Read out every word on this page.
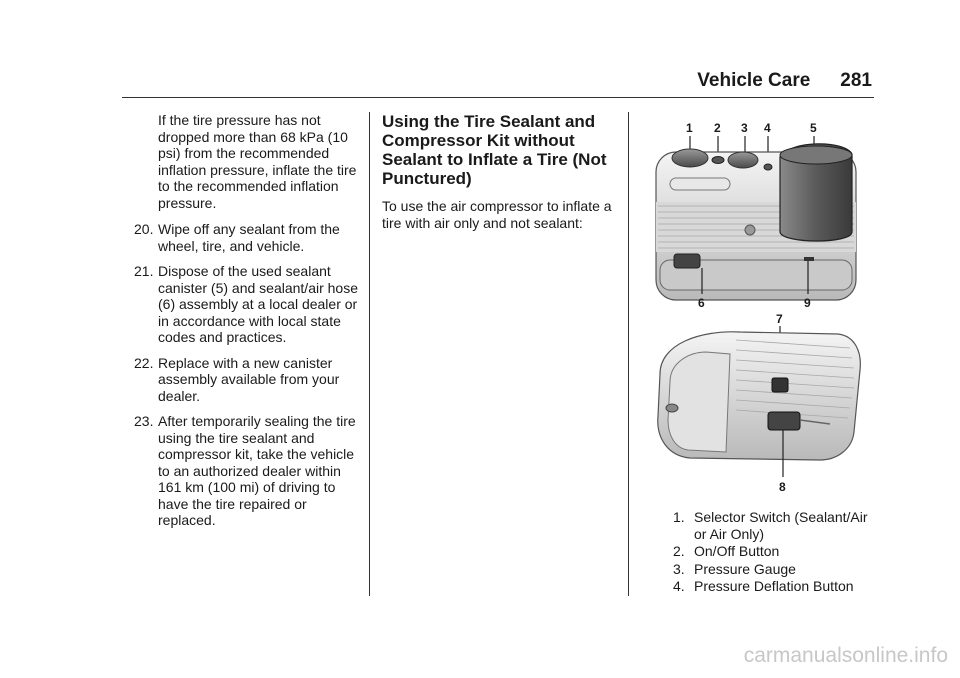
Vehicle Care 281
If the tire pressure has not dropped more than 68 kPa (10 psi) from the recommended inflation pressure, inflate the tire to the recommended inflation pressure.
20. Wipe off any sealant from the wheel, tire, and vehicle.
21. Dispose of the used sealant canister (5) and sealant/air hose (6) assembly at a local dealer or in accordance with local state codes and practices.
22. Replace with a new canister assembly available from your dealer.
23. After temporarily sealing the tire using the tire sealant and compressor kit, take the vehicle to an authorized dealer within 161 km (100 mi) of driving to have the tire repaired or replaced.
Using the Tire Sealant and Compressor Kit without Sealant to Inflate a Tire (Not Punctured)
To use the air compressor to inflate a tire with air only and not sealant:
1 2 3 4	5
6	9
7
8
1. Selector Switch (Sealant/Air or Air Only)
2. On/Off Button
3. Pressure Gauge
4. Pressure Deflation Button
carmanualsonline.info
